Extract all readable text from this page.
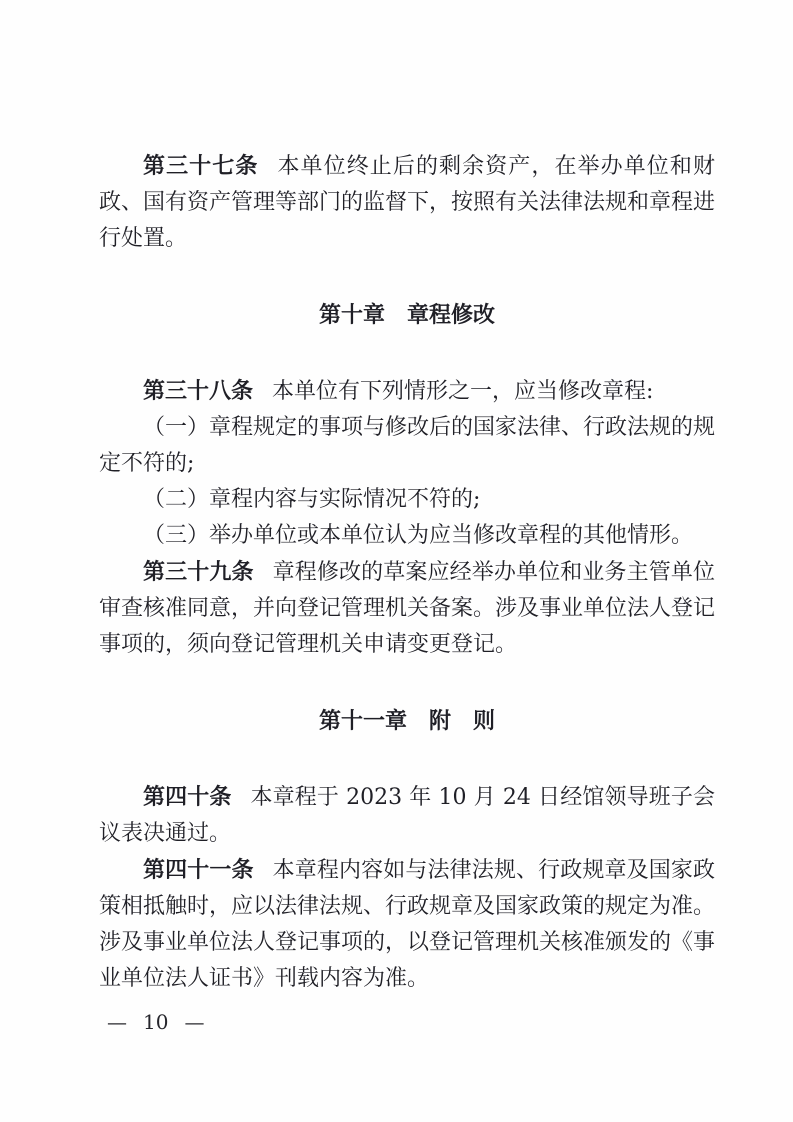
第三十七条 本单位终止后的剩余资产，在举办单位和财政、国有资产管理等部门的监督下，按照有关法律法规和章程进行处置。

第十章　章程修改

第三十八条 本单位有下列情形之一，应当修改章程:

（一）章程规定的事项与修改后的国家法律、行政法规的规定不符的;

（二）章程内容与实际情况不符的;

（三）举办单位或本单位认为应当修改章程的其他情形。

第三十九条 章程修改的草案应经举办单位和业务主管单位审查核准同意，并向登记管理机关备案。涉及事业单位法人登记事项的，须向登记管理机关申请变更登记。

第十一章　附　则

第四十条 本章程于 2023 年 10 月 24 日经馆领导班子会议表决通过。

第四十一条 本章程内容如与法律法规、行政规章及国家政策相抵触时，应以法律法规、行政规章及国家政策的规定为准。涉及事业单位法人登记事项的，以登记管理机关核准颁发的《事业单位法人证书》刊载内容为准。

— 10 —
